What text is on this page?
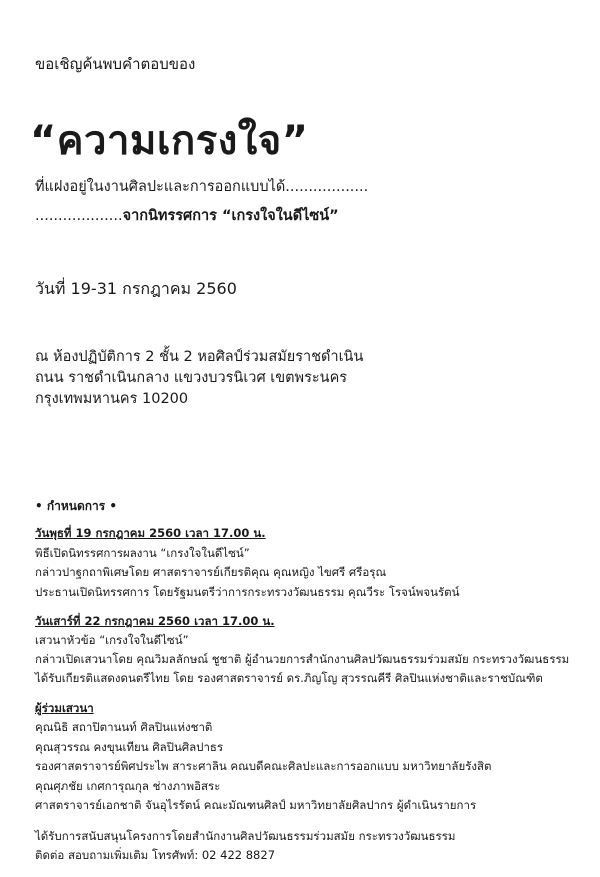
ขอเชิญค้นพบคำตอบของ
“ความเกรงใจ”
ที่แฝงอยู่ในงานศิลปะและการออกแบบได้..................
...................จากนิทรรศการ “เกรงใจในดีไซน์”
วันที่ 19-31 กรกฎาคม 2560
ณ ห้องปฏิบัติการ 2 ชั้น 2 หอศิลป์ร่วมสมัยราชดำเนิน
ถนน ราชดำเนินกลาง แขวงบวรนิเวศ เขตพระนคร
กรุงเทพมหานคร 10200
• กำหนดการ •
วันพุธที่ 19 กรกฎาคม 2560 เวลา 17.00 น.
พิธีเปิดนิทรรศการผลงาน “เกรงใจในดีไซน์”
กล่าวปาฐกถาพิเศษโดย ศาสตราจารย์เกียรติคุณ คุณหญิง ไขศรี ศรีอรุณ
ประธานเปิดนิทรรศการ โดยรัฐมนตรีว่าการกระทรวงวัฒนธรรม คุณวีระ โรจน์พจนรัตน์
วันเสาร์ที่ 22 กรกฎาคม 2560 เวลา 17.00 น.
เสวนาหัวข้อ “เกรงใจในดีไซน์”
กล่าวเปิดเสวนาโดย คุณวิมลลักษณ์ ชูชาติ ผู้อำนวยการสำนักงานศิลปวัฒนธรรมร่วมสมัย กระทรวงวัฒนธรรม
ได้รับเกียรติแสดงดนตรีไทย โดย รองศาสตราจารย์ ดร.ภิญโญ สุวรรณคีรี ศิลปินแห่งชาติและราชบัณฑิต
ผู้ร่วมเสวนา
คุณนิธิ สถาปิตานนท์ ศิลปินแห่งชาติ
คุณสุวรรณ คงขุนเทียน ศิลปินศิลปาธร
รองศาสตราจารย์พิศประไพ สาระศาลิน คณบดีคณะศิลปะและการออกแบบ มหาวิทยาลัยรังสิต
คุณศุภชัย เกศการุณกุล ช่างภาพอิสระ
ศาสตราจารย์เอกชาติ จันอุไรรัตน์ คณะมัณฑนศิลป์ มหาวิทยาลัยศิลปากร ผู้ดำเนินรายการ
ได้รับการสนับสนุนโครงการโดยสำนักงานศิลปวัฒนธรรมร่วมสมัย กระทรวงวัฒนธรรม
ติดต่อ สอบถามเพิ่มเติม โทรศัพท์: 02 422 8827
